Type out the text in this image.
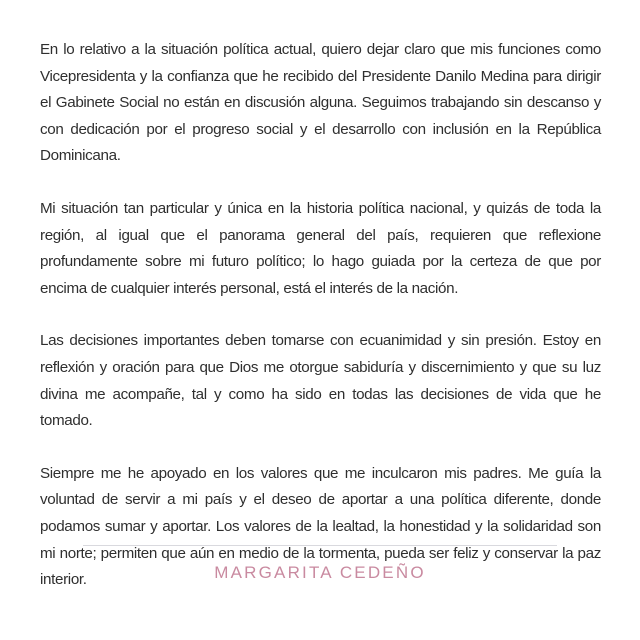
En lo relativo a la situación política actual, quiero dejar claro que mis funciones como Vicepresidenta y la confianza que he recibido del Presidente Danilo Medina para dirigir el Gabinete Social no están en discusión alguna. Seguimos trabajando sin descanso y con dedicación por el progreso social y el desarrollo con inclusión en la República Dominicana.

Mi situación tan particular y única en la historia política nacional, y quizás de toda la región, al igual que el panorama general del país, requieren que reflexione profundamente sobre mi futuro político; lo hago guiada por la certeza de que por encima de cualquier interés personal, está el interés de la nación.

Las decisiones importantes deben tomarse con ecuanimidad y sin presión. Estoy en reflexión y oración para que Dios me otorgue sabiduría y discernimiento y que su luz divina me acompañe, tal y como ha sido en todas las decisiones de vida que he tomado.

Siempre me he apoyado en los valores que me inculcaron mis padres. Me guía la voluntad de servir a mi país y el deseo de aportar a una política diferente, donde podamos sumar y aportar. Los valores de la lealtad, la honestidad y la solidaridad son mi norte; permiten que aún en medio de la tormenta, pueda ser feliz y conservar la paz interior.	MARGARITA CEDEÑO
